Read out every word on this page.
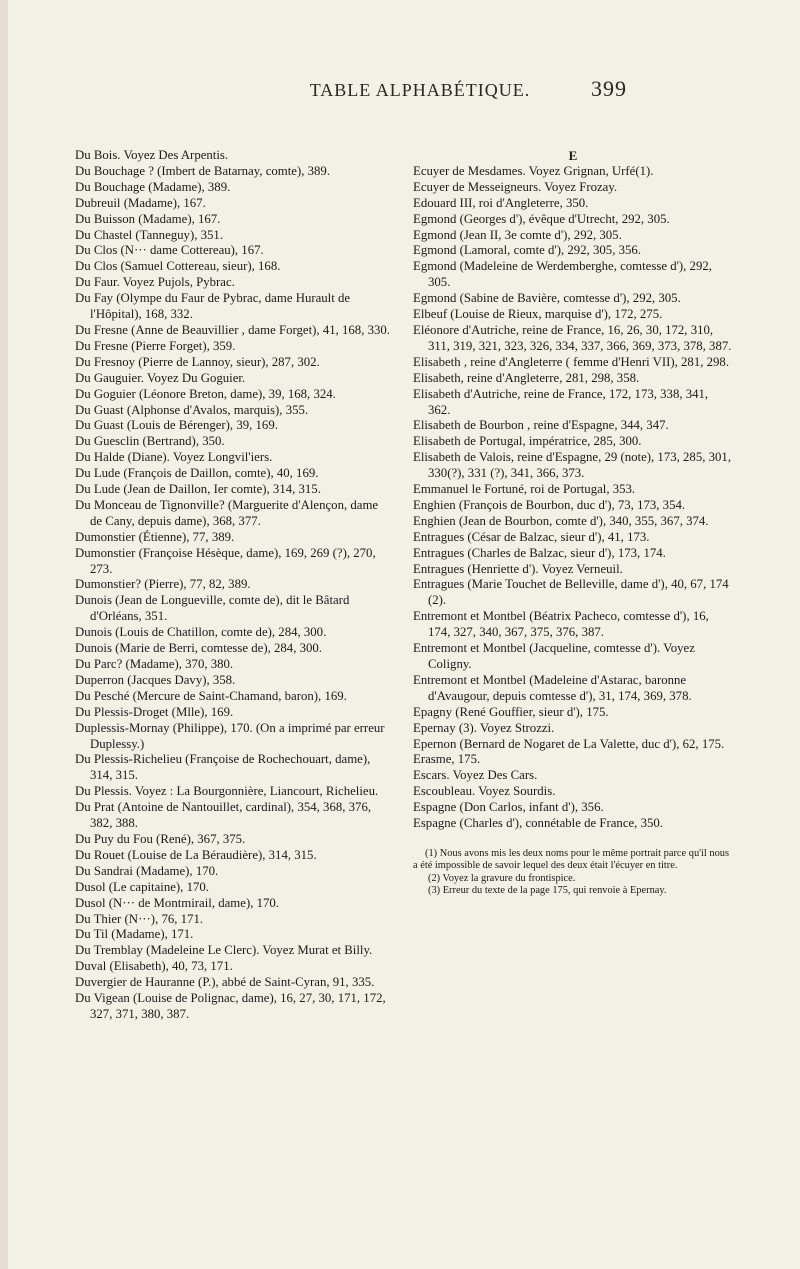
TABLE ALPHABÉTIQUE.	399

Du Bois. Voyez Des Arpentis.

Du Bouchage ? (Imbert de Batarnay, comte), 389.

Du Bouchage (Madame), 389.

Dubreuil (Madame), 167.

Du Buisson (Madame), 167.

Du Chastel (Tanneguy), 351.

Du Clos (N··· dame Cottereau), 167.

Du Clos (Samuel Cottereau, sieur), 168.

Du Faur. Voyez Pujols, Pybrac.

Du Fay (Olympe du Faur de Pybrac, dame Hurault de l'Hôpital), 168, 332.

Du Fresne (Anne de Beauvillier , dame Forget), 41, 168, 330.

Du Fresne (Pierre Forget), 359.

Du Fresnoy (Pierre de Lannoy, sieur), 287, 302.

Du Gauguier. Voyez Du Goguier.

Du Goguier (Léonore Breton, dame), 39, 168, 324.

Du Guast (Alphonse d'Avalos, marquis), 355.

Du Guast (Louis de Bérenger), 39, 169.

Du Guesclin (Bertrand), 350.

Du Halde (Diane). Voyez Longvil'iers.

Du Lude (François de Daillon, comte), 40, 169.

Du Lude (Jean de Daillon, Ier comte), 314, 315.

Du Monceau de Tignonville? (Marguerite d'Alençon, dame de Cany, depuis dame), 368, 377.

Dumonstier (Étienne), 77, 389.

Dumonstier (Françoise Hésèque, dame), 169, 269 (?), 270, 273.

Dumonstier? (Pierre), 77, 82, 389.

Dunois (Jean de Longueville, comte de), dit le Bâtard d'Orléans, 351.

Dunois (Louis de Chatillon, comte de), 284, 300.

Dunois (Marie de Berri, comtesse de), 284, 300.

Du Parc? (Madame), 370, 380.

Duperron (Jacques Davy), 358.

Du Pesché (Mercure de Saint-Chamand, baron), 169.

Du Plessis-Droget (Mlle), 169.

Duplessis-Mornay (Philippe), 170. (On a imprimé par erreur Duplessy.)

Du Plessis-Richelieu (Françoise de Rochechouart, dame), 314, 315.

Du Plessis. Voyez : La Bourgonnière, Liancourt, Richelieu.

Du Prat (Antoine de Nantouillet, cardinal), 354, 368, 376, 382, 388.

Du Puy du Fou (René), 367, 375.

Du Rouet (Louise de La Béraudière), 314, 315.

Du Sandrai (Madame), 170.

Dusol (Le capitaine), 170.

Dusol (N··· de Montmirail, dame), 170.

Du Thier (N···), 76, 171.

Du Til (Madame), 171.

Du Tremblay (Madeleine Le Clerc). Voyez Murat et Billy.

Duval (Elisabeth), 40, 73, 171.

Duvergier de Hauranne (P.), abbé de Saint-Cyran, 91, 335.

Du Vigean (Louise de Polignac, dame), 16, 27, 30, 171, 172, 327, 371, 380, 387.

E

Ecuyer de Mesdames. Voyez Grignan, Urfé(1).

Ecuyer de Messeigneurs. Voyez Frozay.

Edouard III, roi d'Angleterre, 350.

Egmond (Georges d'), évêque d'Utrecht, 292, 305.

Egmond (Jean II, 3e comte d'), 292, 305.

Egmond (Lamoral, comte d'), 292, 305, 356.

Egmond (Madeleine de Werdemberghe, comtesse d'), 292, 305.

Egmond (Sabine de Bavière, comtesse d'), 292, 305.

Elbeuf (Louise de Rieux, marquise d'), 172, 275.

Eléonore d'Autriche, reine de France, 16, 26, 30, 172, 310, 311, 319, 321, 323, 326, 334, 337, 366, 369, 373, 378, 387.

Elisabeth , reine d'Angleterre ( femme d'Henri VII), 281, 298.

Elisabeth, reine d'Angleterre, 281, 298, 358.

Elisabeth d'Autriche, reine de France, 172, 173, 338, 341, 362.

Elisabeth de Bourbon , reine d'Espagne, 344, 347.

Elisabeth de Portugal, impératrice, 285, 300.

Elisabeth de Valois, reine d'Espagne, 29 (note), 173, 285, 301, 330(?), 331 (?), 341, 366, 373.

Emmanuel le Fortuné, roi de Portugal, 353.

Enghien (François de Bourbon, duc d'), 73, 173, 354.

Enghien (Jean de Bourbon, comte d'), 340, 355, 367, 374.

Entragues (César de Balzac, sieur d'), 41, 173.

Entragues (Charles de Balzac, sieur d'), 173, 174.

Entragues (Henriette d'). Voyez Verneuil.

Entragues (Marie Touchet de Belleville, dame d'), 40, 67, 174 (2).

Entremont et Montbel (Béatrix Pacheco, comtesse d'), 16, 174, 327, 340, 367, 375, 376, 387.

Entremont et Montbel (Jacqueline, comtesse d'). Voyez Coligny.

Entremont et Montbel (Madeleine d'Astarac, baronne d'Avaugour, depuis comtesse d'), 31, 174, 369, 378.

Epagny (René Gouffier, sieur d'), 175.

Epernay (3). Voyez Strozzi.

Epernon (Bernard de Nogaret de La Valette, duc d'), 62, 175.

Erasme, 175.

Escars. Voyez Des Cars.

Escoubleau. Voyez Sourdis.

Espagne (Don Carlos, infant d'), 356.

Espagne (Charles d'), connétable de France, 350.

(1) Nous avons mis les deux noms pour le même portrait parce qu'il nous a été impossible de savoir lequel des deux était l'écuyer en titre.

(2) Voyez la gravure du frontispice.

(3) Erreur du texte de la page 175, qui renvoie à Epernay.
